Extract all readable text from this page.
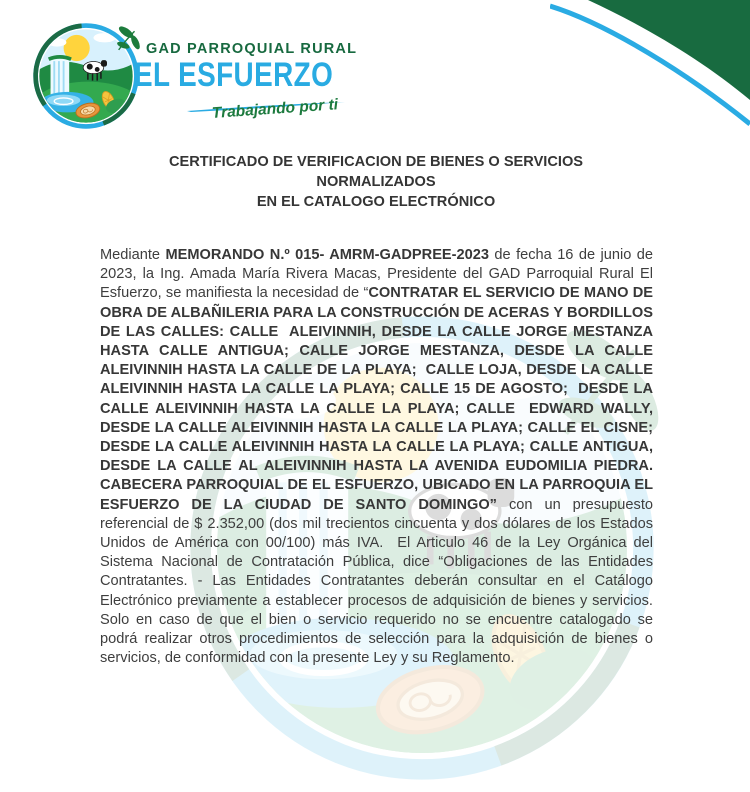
GAD PARROQUIAL RURAL
EL ESFUERZO
Trabajando por ti
CERTIFICADO DE VERIFICACION DE BIENES O SERVICIOS
NORMALIZADOS
EN EL CATALOGO ELECTRÓNICO

Mediante MEMORANDO N.º 015- AMRM-GADPREE-2023 de fecha 16 de junio de 2023, la Ing. Amada María Rivera Macas, Presidente del GAD Parroquial Rural El Esfuerzo, se manifiesta la necesidad de “CONTRATAR EL SERVICIO DE MANO DE OBRA DE ALBAÑILERIA PARA LA CONSTRUCCIÓN DE ACERAS Y BORDILLOS DE LAS CALLES: CALLE  ALEIVINNIH, DESDE LA CALLE JORGE MESTANZA HASTA CALLE ANTIGUA; CALLE JORGE MESTANZA, DESDE LA CALLE ALEIVINNIH HASTA LA CALLE DE LA PLAYA;  CALLE LOJA, DESDE LA CALLE ALEIVINNIH HASTA LA CALLE LA PLAYA; CALLE 15 DE AGOSTO;  DESDE LA CALLE ALEIVINNIH HASTA LA CALLE LA PLAYA; CALLE  EDWARD WALLY, DESDE LA CALLE ALEIVINNIH HASTA LA CALLE LA PLAYA; CALLE EL CISNE; DESDE LA CALLE ALEIVINNIH HASTA LA CALLE LA PLAYA; CALLE ANTIGUA, DESDE LA CALLE AL ALEIVINNIH HASTA LA AVENIDA EUDOMILIA PIEDRA. CABECERA PARROQUIAL DE EL ESFUERZO, UBICADO EN LA PARROQUIA EL ESFUERZO DE LA CIUDAD DE SANTO DOMINGO” con un presupuesto referencial de $ 2.352,00 (dos mil trecientos cincuenta y dos dólares de los Estados Unidos de América con 00/100) más IVA.  El Articulo 46 de la Ley Orgánica del Sistema Nacional de Contratación Pública, dice “Obligaciones de las Entidades Contratantes. - Las Entidades Contratantes deberán consultar en el Catálogo Electrónico previamente a establecer procesos de adquisición de bienes y servicios. Solo en caso de que el bien o servicio requerido no se encuentre catalogado se podrá realizar otros procedimientos de selección para la adquisición de bienes o servicios, de conformidad con la presente Ley y su Reglamento.
